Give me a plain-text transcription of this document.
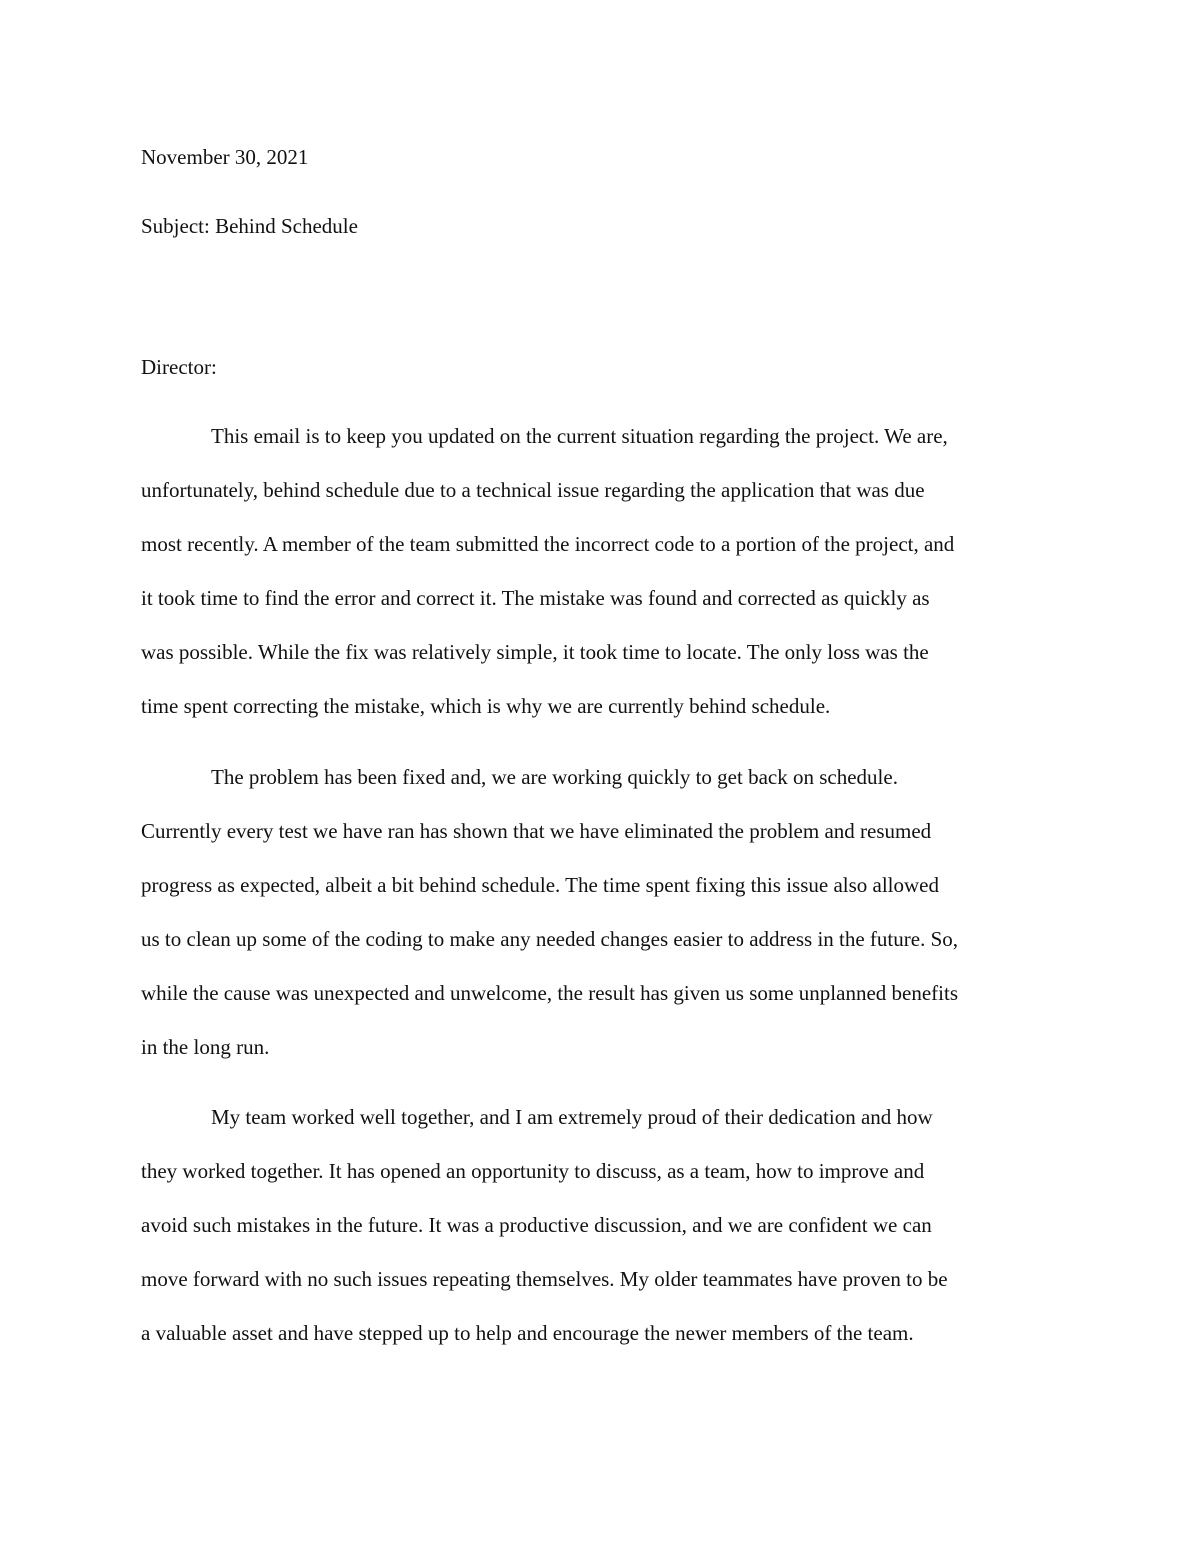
November 30, 2021

Subject: Behind Schedule

Director:

This email is to keep you updated on the current situation regarding the project. We are,

unfortunately, behind schedule due to a technical issue regarding the application that was due

most recently. A member of the team submitted the incorrect code to a portion of the project, and

it took time to find the error and correct it. The mistake was found and corrected as quickly as

was possible. While the fix was relatively simple, it took time to locate. The only loss was the

time spent correcting the mistake, which is why we are currently behind schedule.

The problem has been fixed and, we are working quickly to get back on schedule.

Currently every test we have ran has shown that we have eliminated the problem and resumed

progress as expected, albeit a bit behind schedule. The time spent fixing this issue also allowed

us to clean up some of the coding to make any needed changes easier to address in the future. So,

while the cause was unexpected and unwelcome, the result has given us some unplanned benefits

in the long run.

My team worked well together, and I am extremely proud of their dedication and how

they worked together. It has opened an opportunity to discuss, as a team, how to improve and

avoid such mistakes in the future. It was a productive discussion, and we are confident we can

move forward with no such issues repeating themselves. My older teammates have proven to be

a valuable asset and have stepped up to help and encourage the newer members of the team.
